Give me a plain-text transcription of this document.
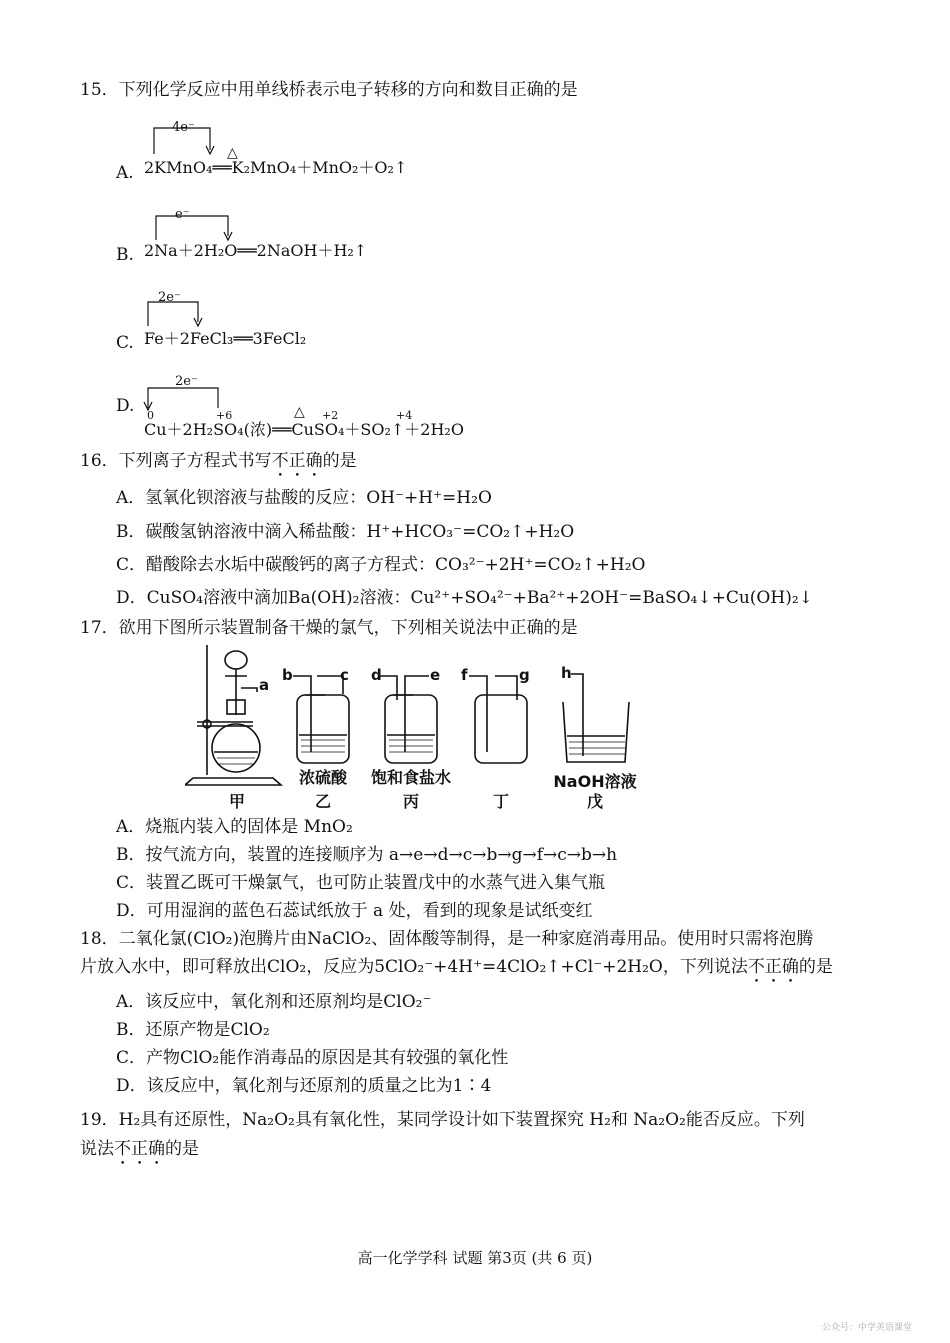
15．下列化学反应中用单线桥表示电子转移的方向和数目正确的是
4e⁻
△
A. 2KMnO₄══K₂MnO₄＋MnO₂＋O₂↑
e⁻
B. 2Na＋2H₂O══2NaOH＋H₂↑
2e⁻
C. Fe＋2FeCl₃══3FeCl₂
2e⁻
D. 0	+6	△ +2	+4
Cu＋2H₂SO₄(浓)══CuSO₄＋SO₂↑＋2H₂O
16．下列离子方程式书写不正确的是
A．氢氧化钡溶液与盐酸的反应：OH⁻+H⁺=H₂O
B．碳酸氢钠溶液中滴入稀盐酸：H⁺+HCO₃⁻=CO₂↑+H₂O
C．醋酸除去水垢中碳酸钙的离子方程式：CO₃²⁻+2H⁺=CO₂↑+H₂O
D．CuSO₄溶液中滴加Ba(OH)₂溶液：Cu²⁺+SO₄²⁻+Ba²⁺+2OH⁻=BaSO₄↓+Cu(OH)₂↓
17．欲用下图所示装置制备干燥的氯气，下列相关说法中正确的是
a
b	c d	e f	g h
浓硫酸 饱和食盐水	NaOH溶液
甲	乙	丙	丁	戊
A．烧瓶内装入的固体是 MnO₂
B．按气流方向，装置的连接顺序为 a→e→d→c→b→g→f→c→b→h
C．装置乙既可干燥氯气，也可防止装置戊中的水蒸气进入集气瓶
D．可用湿润的蓝色石蕊试纸放于 a 处，看到的现象是试纸变红
18．二氧化氯(ClO₂)泡腾片由NaClO₂、固体酸等制得，是一种家庭消毒用品。使用时只需将泡腾
片放入水中，即可释放出ClO₂，反应为5ClO₂⁻+4H⁺=4ClO₂↑+Cl⁻+2H₂O，下列说法不正确的是
A．该反应中，氧化剂和还原剂均是ClO₂⁻
B．还原产物是ClO₂
C．产物ClO₂能作消毒品的原因是其有较强的氧化性
D．该反应中，氧化剂与还原剂的质量之比为1∶4
19．H₂具有还原性，Na₂O₂具有氧化性，某同学设计如下装置探究 H₂和 Na₂O₂能否反应。下列
说法不正确的是
高一化学学科 试题 第3页 (共 6 页)
公众号：中学英语课堂
